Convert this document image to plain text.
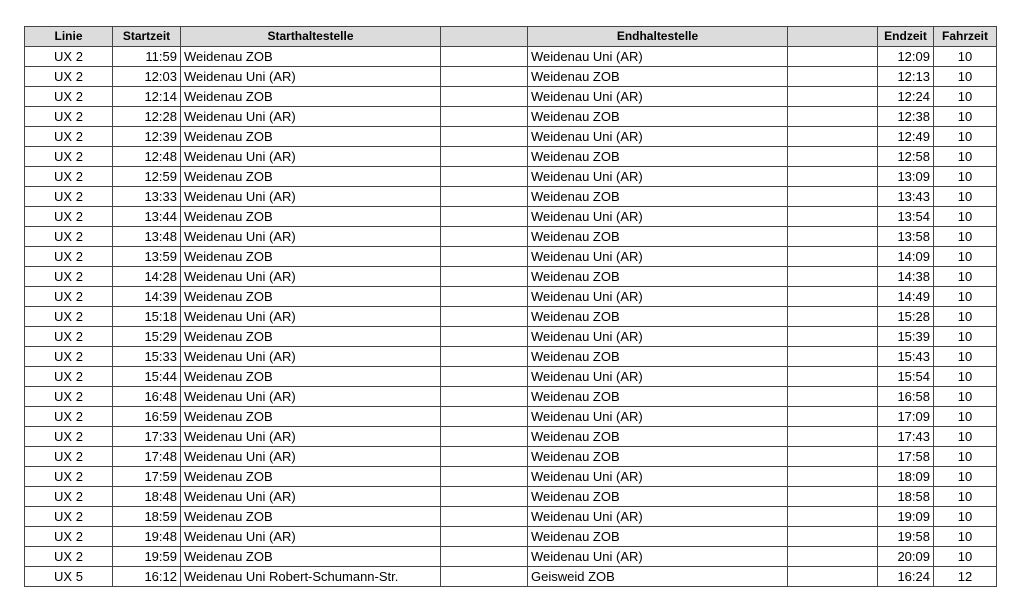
Linie	Startzeit	Starthaltestelle		Endhaltestelle		Endzeit	Fahrzeit
UX 2	11:59	Weidenau ZOB		Weidenau Uni (AR)		12:09	10
UX 2	12:03	Weidenau Uni (AR)		Weidenau ZOB		12:13	10
UX 2	12:14	Weidenau ZOB		Weidenau Uni (AR)		12:24	10
UX 2	12:28	Weidenau Uni (AR)		Weidenau ZOB		12:38	10
UX 2	12:39	Weidenau ZOB		Weidenau Uni (AR)		12:49	10
UX 2	12:48	Weidenau Uni (AR)		Weidenau ZOB		12:58	10
UX 2	12:59	Weidenau ZOB		Weidenau Uni (AR)		13:09	10
UX 2	13:33	Weidenau Uni (AR)		Weidenau ZOB		13:43	10
UX 2	13:44	Weidenau ZOB		Weidenau Uni (AR)		13:54	10
UX 2	13:48	Weidenau Uni (AR)		Weidenau ZOB		13:58	10
UX 2	13:59	Weidenau ZOB		Weidenau Uni (AR)		14:09	10
UX 2	14:28	Weidenau Uni (AR)		Weidenau ZOB		14:38	10
UX 2	14:39	Weidenau ZOB		Weidenau Uni (AR)		14:49	10
UX 2	15:18	Weidenau Uni (AR)		Weidenau ZOB		15:28	10
UX 2	15:29	Weidenau ZOB		Weidenau Uni (AR)		15:39	10
UX 2	15:33	Weidenau Uni (AR)		Weidenau ZOB		15:43	10
UX 2	15:44	Weidenau ZOB		Weidenau Uni (AR)		15:54	10
UX 2	16:48	Weidenau Uni (AR)		Weidenau ZOB		16:58	10
UX 2	16:59	Weidenau ZOB		Weidenau Uni (AR)		17:09	10
UX 2	17:33	Weidenau Uni (AR)		Weidenau ZOB		17:43	10
UX 2	17:48	Weidenau Uni (AR)		Weidenau ZOB		17:58	10
UX 2	17:59	Weidenau ZOB		Weidenau Uni (AR)		18:09	10
UX 2	18:48	Weidenau Uni (AR)		Weidenau ZOB		18:58	10
UX 2	18:59	Weidenau ZOB		Weidenau Uni (AR)		19:09	10
UX 2	19:48	Weidenau Uni (AR)		Weidenau ZOB		19:58	10
UX 2	19:59	Weidenau ZOB		Weidenau Uni (AR)		20:09	10
UX 5	16:12	Weidenau Uni Robert-Schumann-Str.		Geisweid ZOB		16:24	12
